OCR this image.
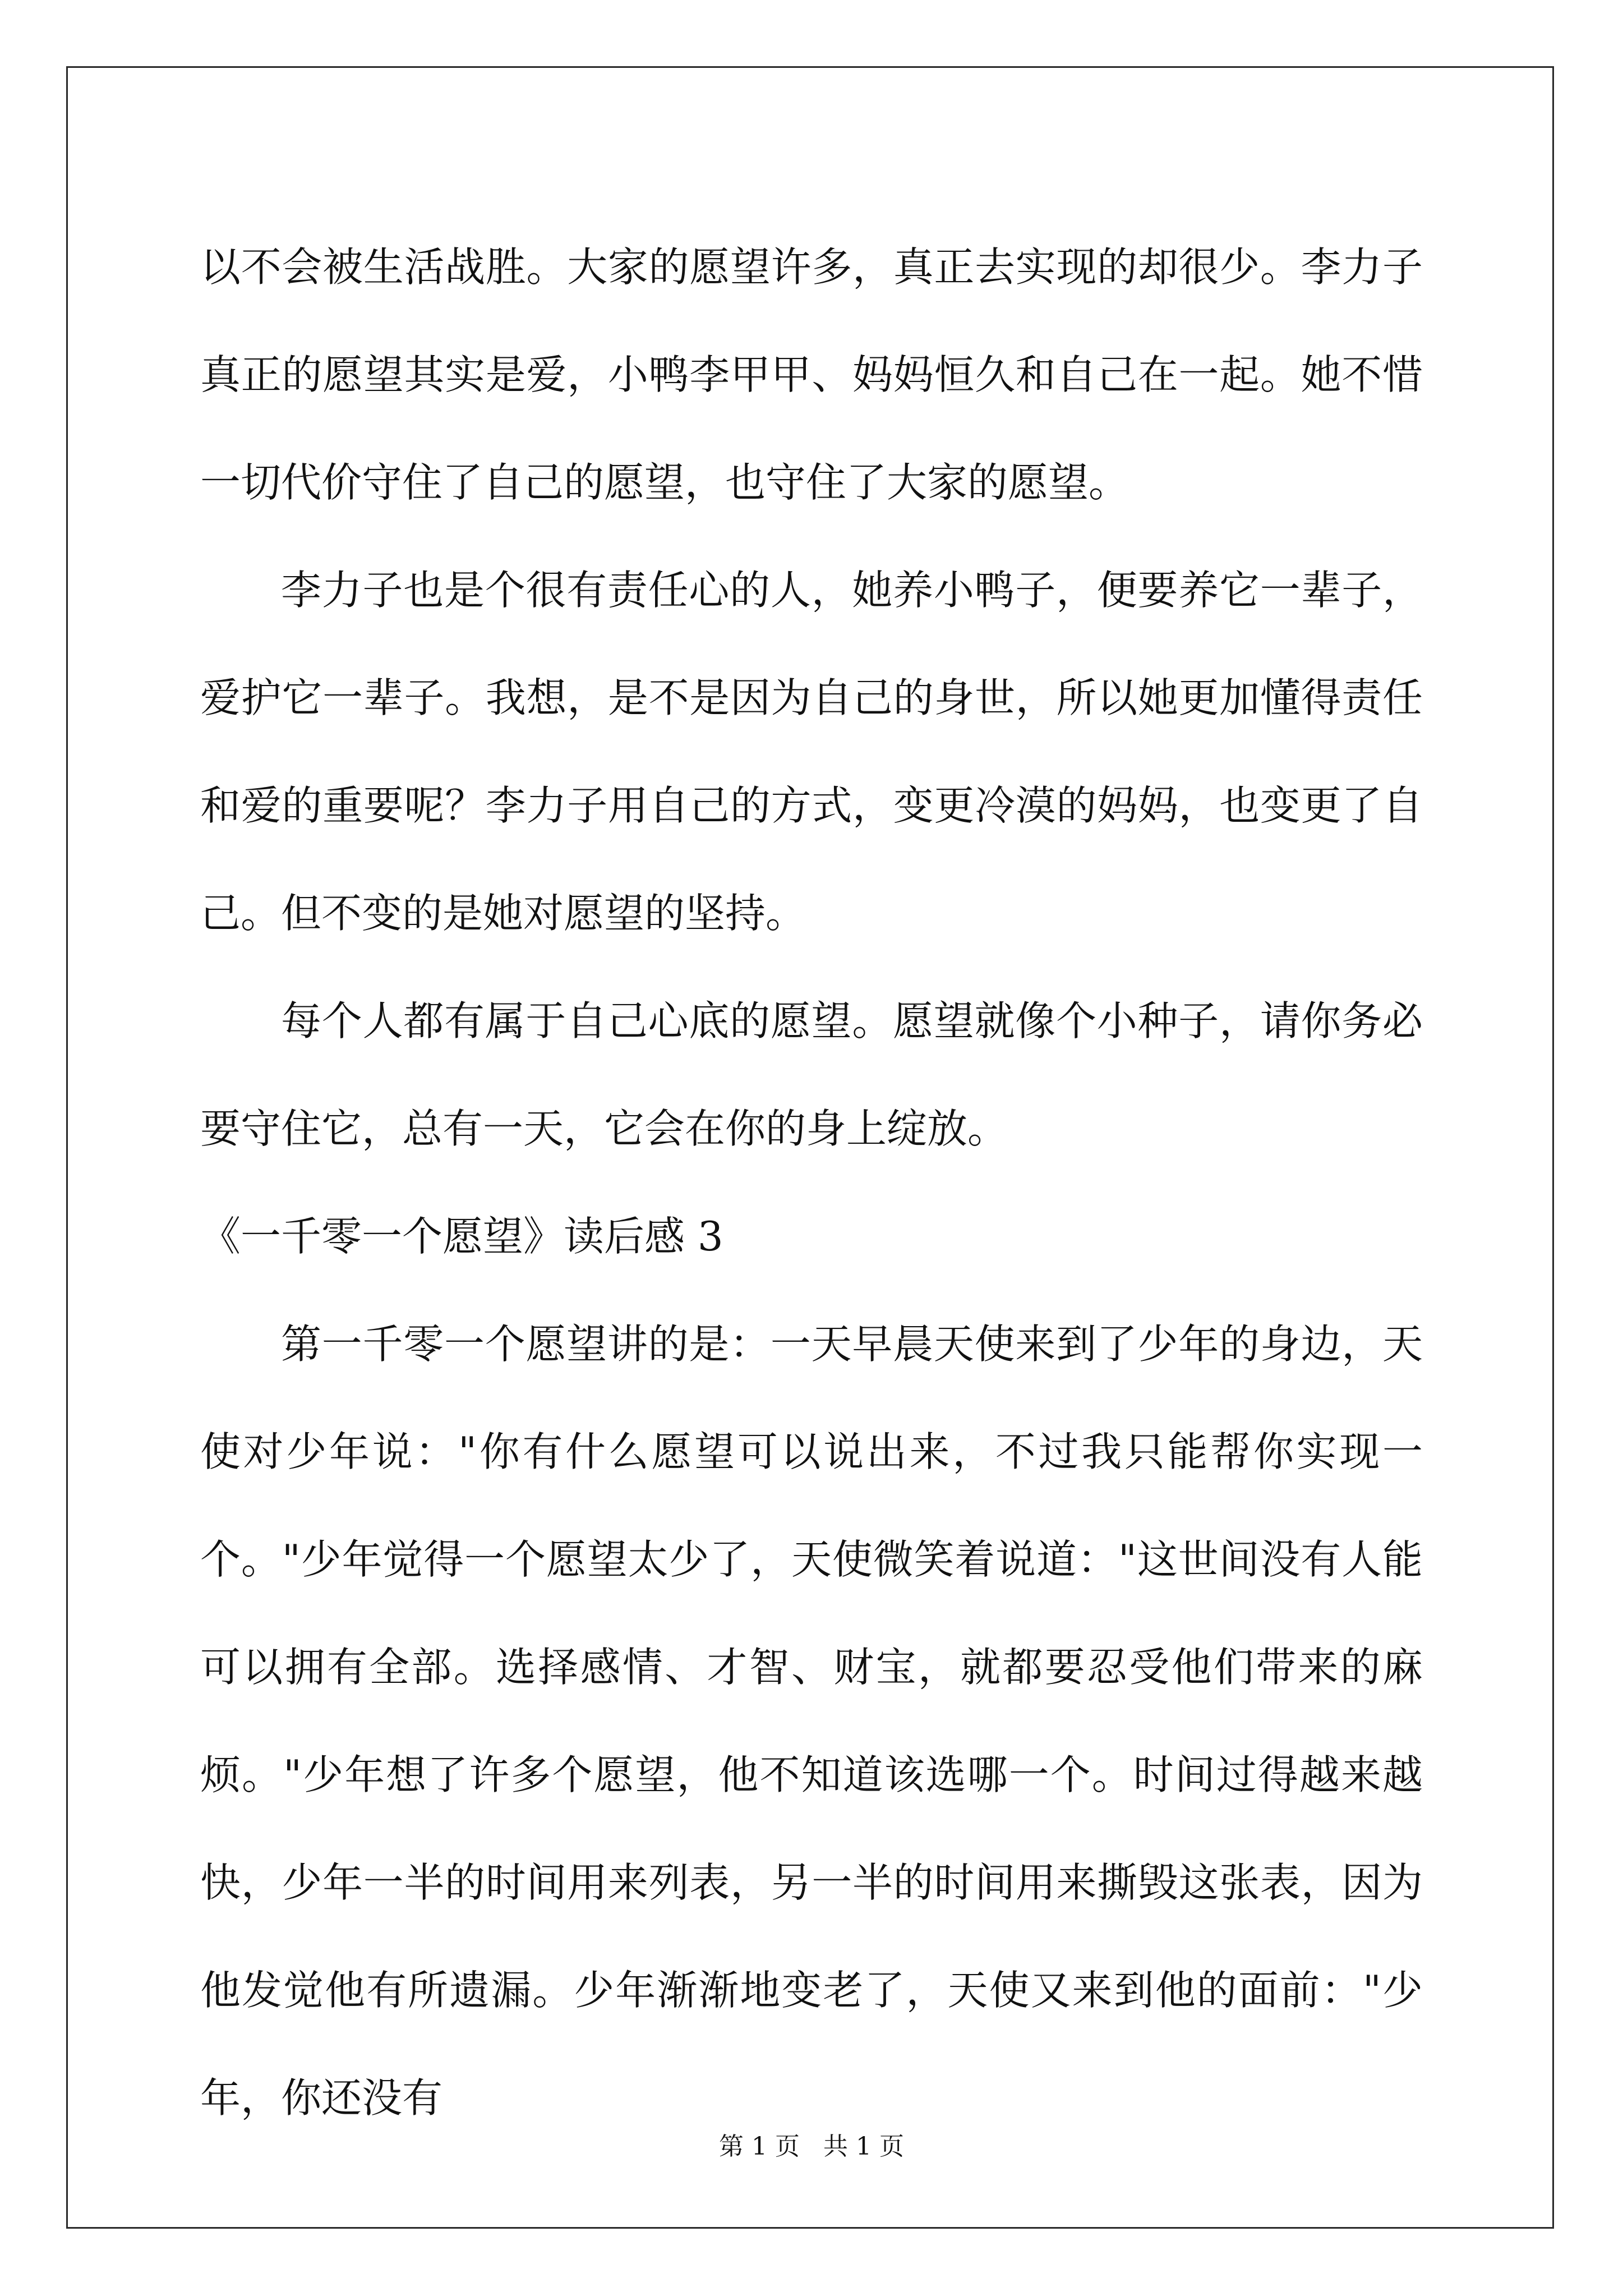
以不会被生活战胜。大家的愿望许多，真正去实现的却很少。李力子真正的愿望其实是爱，小鸭李甲甲、妈妈恒久和自己在一起。她不惜一切代价守住了自己的愿望，也守住了大家的愿望。

李力子也是个很有责任心的人，她养小鸭子，便要养它一辈子，爱护它一辈子。我想，是不是因为自己的身世，所以她更加懂得责任和爱的重要呢？李力子用自己的方式，变更冷漠的妈妈，也变更了自己。但不变的是她对愿望的坚持。

每个人都有属于自己心底的愿望。愿望就像个小种子，请你务必要守住它，总有一天，它会在你的身上绽放。

《一千零一个愿望》读后感 3

第一千零一个愿望讲的是：一天早晨天使来到了少年的身边，天使对少年说："你有什么愿望可以说出来，不过我只能帮你实现一个。"少年觉得一个愿望太少了，天使微笑着说道："这世间没有人能可以拥有全部。选择感情、才智、财宝，就都要忍受他们带来的麻烦。"少年想了许多个愿望，他不知道该选哪一个。时间过得越来越快，少年一半的时间用来列表，另一半的时间用来撕毁这张表，因为他发觉他有所遗漏。少年渐渐地变老了，天使又来到他的面前："少年，你还没有

第 1 页   共 1 页
